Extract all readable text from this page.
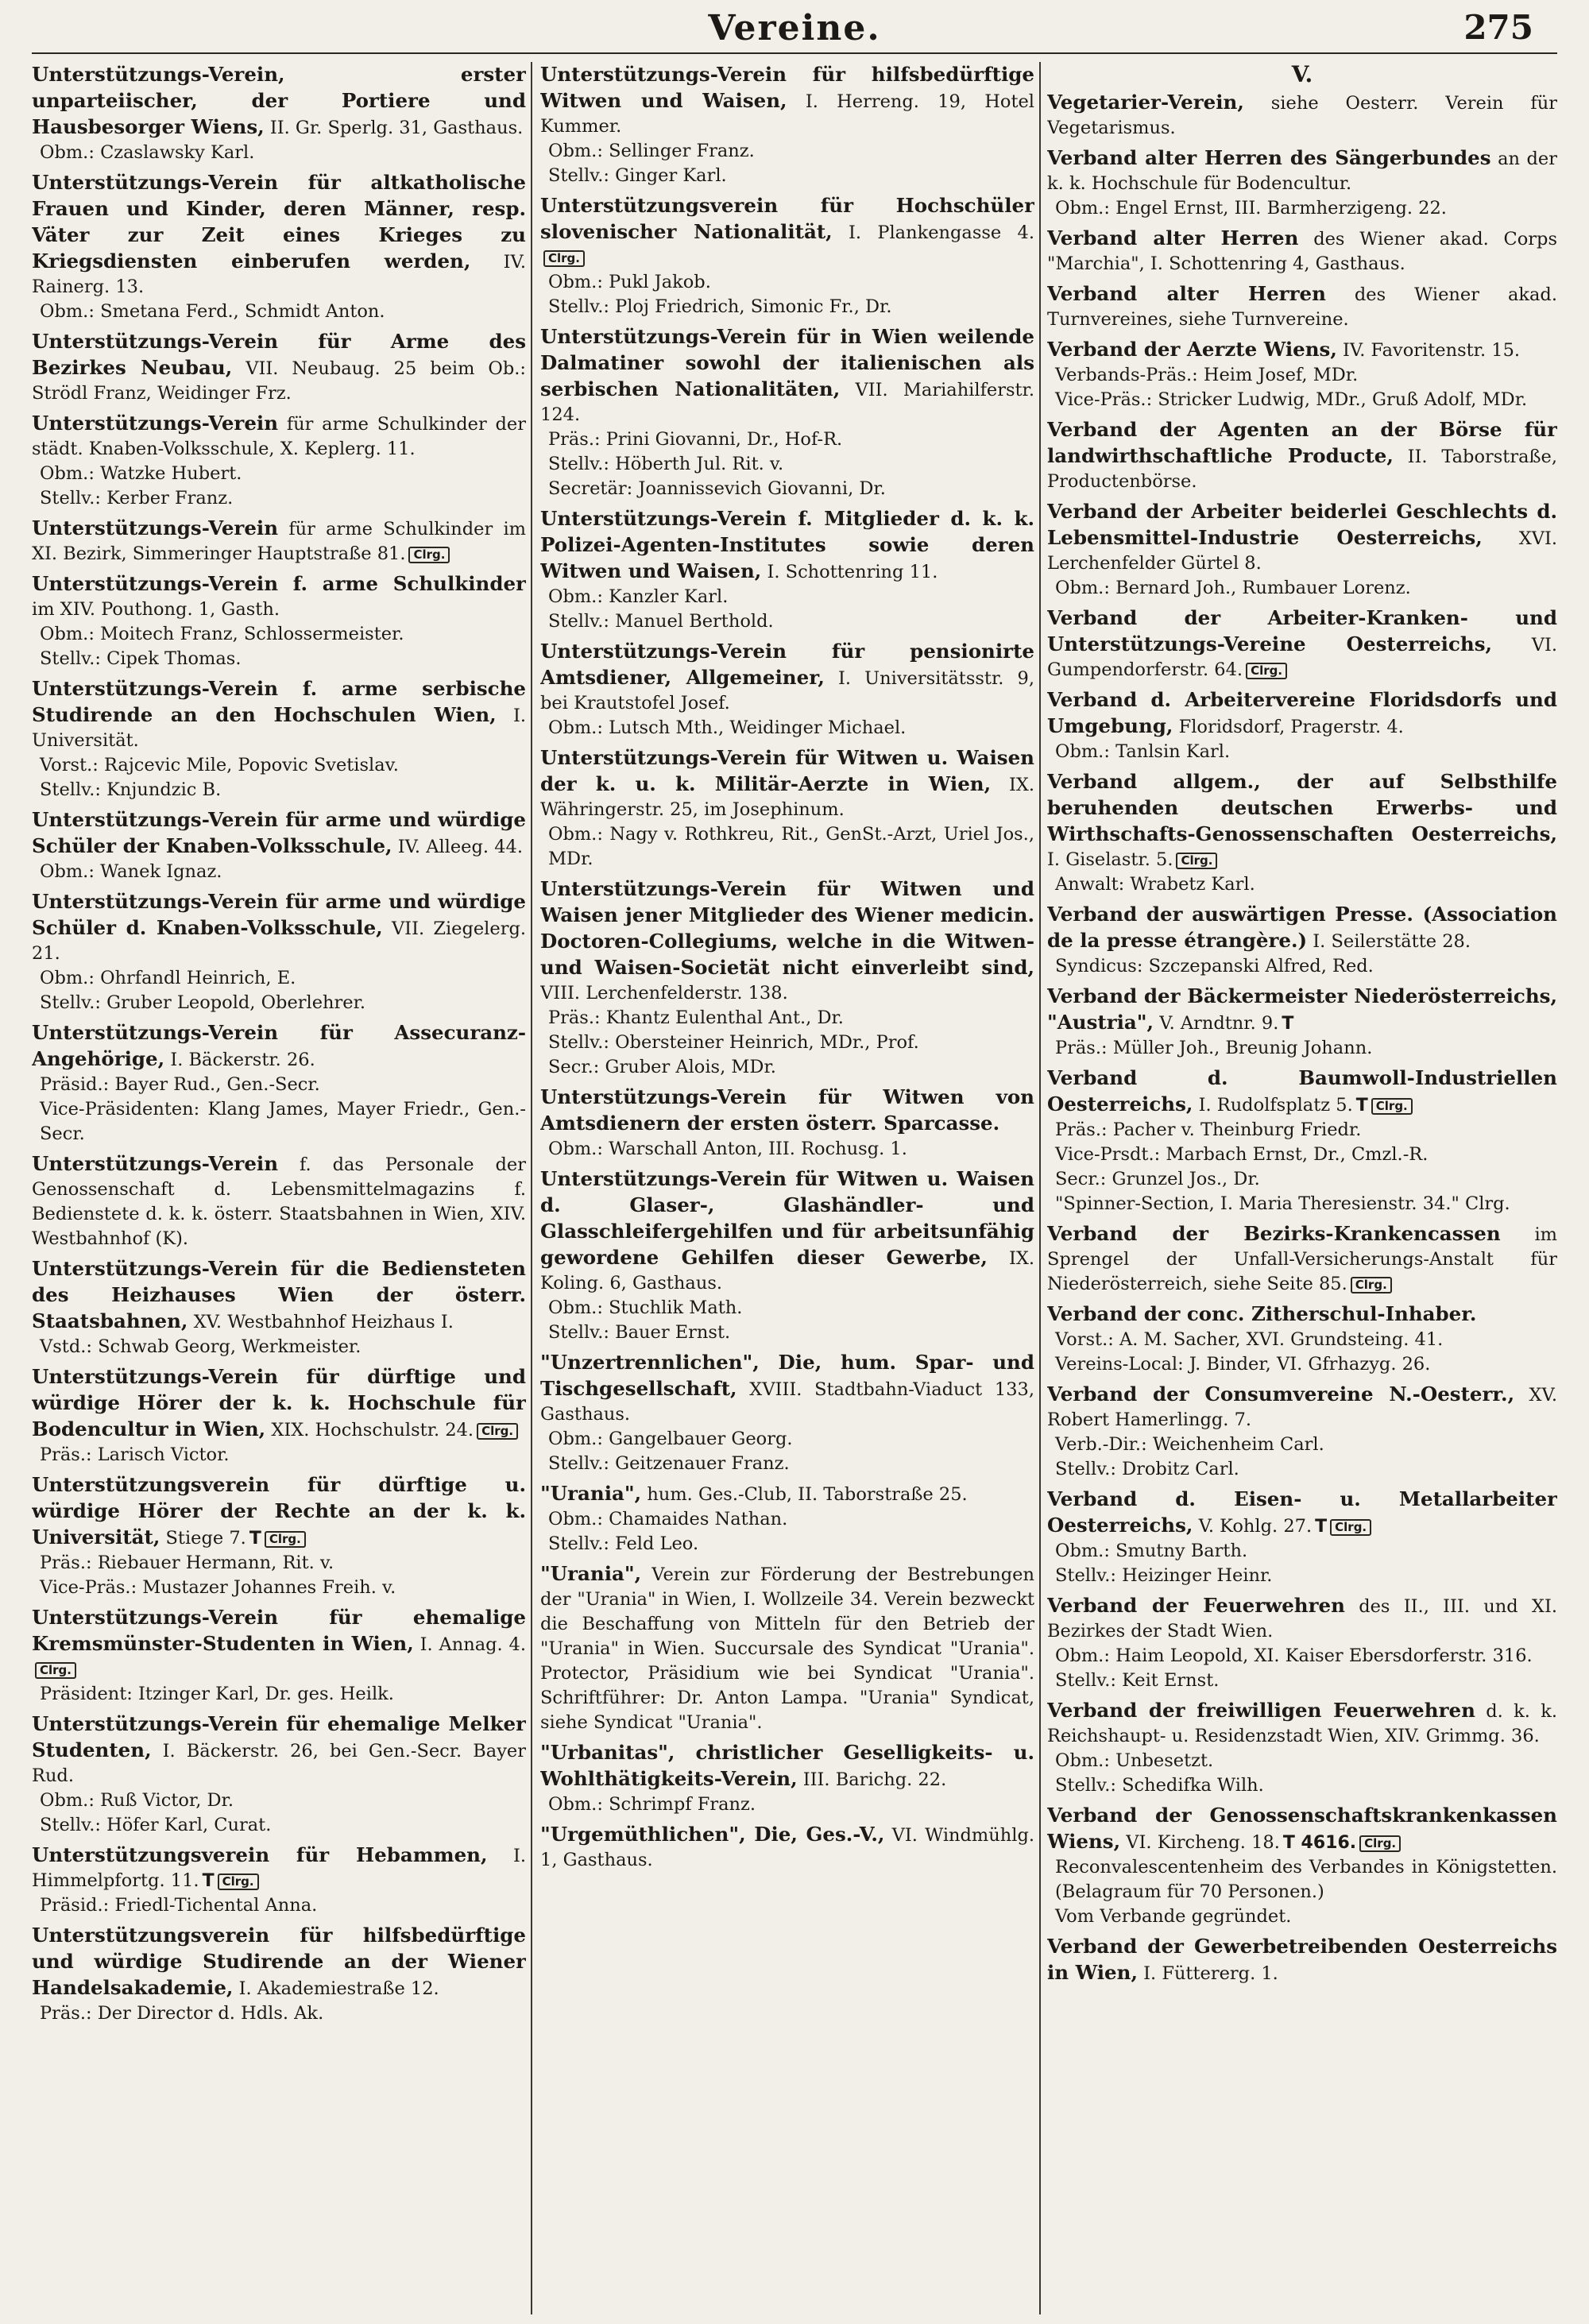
Vereine.	275
Unterstützungs-Verein, erster unparteiischer, der Portiere und Hausbesorger Wiens, II. Gr. Sperlg. 31, Gasthaus.
Obm.: Czaslawsky Karl.
Unterstützungs-Verein für altkatholische Frauen und Kinder, deren Männer, resp. Väter zur Zeit eines Krieges zu Kriegsdiensten einberufen werden, IV. Rainerg. 13.
Obm.: Smetana Ferd., Schmidt Anton.
Unterstützungs-Verein für Arme des Bezirkes Neubau, VII. Neubaug. 25 beim Ob.: Strödl Franz, Weidinger Frz.
Unterstützungs-Verein für arme Schulkinder der städt. Knaben-Volksschule, X. Keplerg. 11.
Obm.: Watzke Hubert.
Stellv.: Kerber Franz.
Unterstützungs-Verein für arme Schulkinder im XI. Bezirk, Simmeringer Hauptstraße 81. Clrg.
Unterstützungs-Verein f. arme Schulkinder im XIV. Pouthong. 1, Gasth.
Obm.: Moitech Franz, Schlossermeister.
Stellv.: Cipek Thomas.
Unterstützungs-Verein f. arme serbische Studirende an den Hochschulen Wien, I. Universität.
Vorst.: Rajcevic Mile, Popovic Svetislav.
Stellv.: Knjundzic B.
Unterstützungs-Verein für arme und würdige Schüler der Knaben-Volksschule, IV. Alleeg. 44.
Obm.: Wanek Ignaz.
Unterstützungs-Verein für arme und würdige Schüler d. Knaben-Volksschule, VII. Ziegelerg. 21.
Obm.: Ohrfandl Heinrich, E.
Stellv.: Gruber Leopold, Oberlehrer.
Unterstützungs-Verein für Assecuranz-Angehörige, I. Bäckerstr. 26.
Präsid.: Bayer Rud., Gen.-Secr.
Vice-Präsidenten: Klang James, Mayer Friedr., Gen.-Secr.
Unterstützungs-Verein f. das Personale der Genossenschaft d. Lebensmittelmagazins f. Bedienstete d. k. k. österr. Staatsbahnen in Wien, XIV. Westbahnhof (K).
Unterstützungs-Verein für die Bediensteten des Heizhauses Wien der österr. Staatsbahnen, XV. Westbahnhof Heizhaus I.
Vstd.: Schwab Georg, Werkmeister.
Unterstützungs-Verein für dürftige und würdige Hörer der k. k. Hochschule für Bodencultur in Wien, XIX. Hochschulstr. 24. Clrg.
Präs.: Larisch Victor.
Unterstützungsverein für dürftige u. würdige Hörer der Rechte an der k. k. Universität, Stiege 7. T Clrg.
Präs.: Riebauer Hermann, Rit. v.
Vice-Präs.: Mustazer Johannes Freih. v.
Unterstützungs-Verein für ehemalige Kremsmünster-Studenten in Wien, I. Annag. 4.Clrg.
Präsident: Itzinger Karl, Dr. ges. Heilk.
Unterstützungs-Verein für ehemalige Melker Studenten, I. Bäckerstr. 26, bei Gen.-Secr. Bayer Rud.
Obm.: Ruß Victor, Dr.
Stellv.: Höfer Karl, Curat.
Unterstützungsverein für Hebammen, I. Himmelpfortg. 11. T Clrg.
Präsid.: Friedl-Tichental Anna.
Unterstützungsverein für hilfsbedürftige und würdige Studirende an der Wiener Handelsakademie, I. Akademiestraße 12.
Präs.: Der Director d. Hdls. Ak.
Unterstützungs-Verein für hilfsbedürftige Witwen und Waisen, I. Herreng. 19, Hotel Kummer.
Obm.: Sellinger Franz.
Stellv.: Ginger Karl.
Unterstützungsverein für Hochschüler slovenischer Nationalität, I. Plankengasse 4.Clrg.
Obm.: Pukl Jakob.
Stellv.: Ploj Friedrich, Simonic Fr., Dr.
Unterstützungs-Verein für in Wien weilende Dalmatiner sowohl der italienischen als serbischen Nationalitäten, VII. Mariahilferstr. 124.
Präs.: Prini Giovanni, Dr., Hof-R.
Stellv.: Höberth Jul. Rit. v.
Secretär: Joannissevich Giovanni, Dr.
Unterstützungs-Verein f. Mitglieder d. k. k. Polizei-Agenten-Institutes sowie deren Witwen und Waisen, I. Schottenring 11.
Obm.: Kanzler Karl.
Stellv.: Manuel Berthold.
Unterstützungs-Verein für pensionirte Amtsdiener, Allgemeiner, I. Universitätsstr. 9, bei Krautstofel Josef.
Obm.: Lutsch Mth., Weidinger Michael.
Unterstützungs-Verein für Witwen u. Waisen der k. u. k. Militär-Aerzte in Wien, IX. Währingerstr. 25, im Josephinum.
Obm.: Nagy v. Rothkreu, Rit., GenSt.-Arzt, Uriel Jos., MDr.
Unterstützungs-Verein für Witwen und Waisen jener Mitglieder des Wiener medicin. Doctoren-Collegiums, welche in die Witwen- und Waisen-Societät nicht einverleibt sind, VIII. Lerchenfelderstr. 138.
Präs.: Khantz Eulenthal Ant., Dr.
Stellv.: Obersteiner Heinrich, MDr., Prof.
Secr.: Gruber Alois, MDr.
Unterstützungs-Verein für Witwen von Amtsdienern der ersten österr. Sparcasse.
Obm.: Warschall Anton, III. Rochusg. 1.
Unterstützungs-Verein für Witwen u. Waisen d. Glaser-, Glashändler- und Glasschleifergehilfen und für arbeitsunfähig gewordene Gehilfen dieser Gewerbe, IX. Koling. 6, Gasthaus.
Obm.: Stuchlik Math.
Stellv.: Bauer Ernst.
"Unzertrennlichen", Die, hum. Spar- und Tischgesellschaft, XVIII. Stadtbahn-Viaduct 133, Gasthaus.
Obm.: Gangelbauer Georg.
Stellv.: Geitzenauer Franz.
"Urania", hum. Ges.-Club, II. Taborstraße 25.
Obm.: Chamaides Nathan.
Stellv.: Feld Leo.
"Urania", Verein zur Förderung der Bestrebungen der "Urania" in Wien, I. Wollzeile 34. Verein bezweckt die Beschaffung von Mitteln für den Betrieb der "Urania" in Wien. Succursale des Syndicat "Urania". Protector, Präsidium wie bei Syndicat "Urania". Schriftführer: Dr. Anton Lampa. "Urania" Syndicat, siehe Syndicat "Urania".
"Urbanitas", christlicher Geselligkeits- u. Wohlthätigkeits-Verein, III. Barichg. 22.
Obm.: Schrimpf Franz.
"Urgemüthlichen", Die, Ges.-V., VI. Windmühlg. 1, Gasthaus.
V.
Vegetarier-Verein, siehe Oesterr. Verein für Vegetarismus.
Verband alter Herren des Sängerbundes an der k. k. Hochschule für Bodencultur.
Obm.: Engel Ernst, III. Barmherzigeng. 22.
Verband alter Herren des Wiener akad. Corps "Marchia", I. Schottenring 4, Gasthaus.
Verband alter Herren des Wiener akad. Turnvereines, siehe Turnvereine.
Verband der Aerzte Wiens, IV. Favoritenstr. 15.
Verbands-Präs.: Heim Josef, MDr.
Vice-Präs.: Stricker Ludwig, MDr., Gruß Adolf, MDr.
Verband der Agenten an der Börse für landwirthschaftliche Producte, II. Taborstraße, Productenbörse.
Verband der Arbeiter beiderlei Geschlechts d. Lebensmittel-Industrie Oesterreichs, XVI. Lerchenfelder Gürtel 8.
Obm.: Bernard Joh., Rumbauer Lorenz.
Verband der Arbeiter-Kranken- und Unterstützungs-Vereine Oesterreichs, VI. Gumpendorferstr. 64. Clrg.
Verband d. Arbeitervereine Floridsdorfs und Umgebung, Floridsdorf, Pragerstr. 4.
Obm.: Tanlsin Karl.
Verband allgem., der auf Selbsthilfe beruhenden deutschen Erwerbs- und Wirthschafts-Genossenschaften Oesterreichs, I. Giselastr. 5. Clrg.
Anwalt: Wrabetz Karl.
Verband der auswärtigen Presse. (Association de la presse étrangère.) I. Seilerstätte 28.
Syndicus: Szczepanski Alfred, Red.
Verband der Bäckermeister Niederösterreichs, "Austria", V. Arndtnr. 9. T
Präs.: Müller Joh., Breunig Johann.
Verband d. Baumwoll-Industriellen Oesterreichs, I. Rudolfsplatz 5. T Clrg.
Präs.: Pacher v. Theinburg Friedr.
Vice-Prsdt.: Marbach Ernst, Dr., Cmzl.-R.
Secr.: Grunzel Jos., Dr.
"Spinner-Section, I. Maria Theresienstr. 34." Clrg.
Verband der Bezirks-Krankencassen im Sprengel der Unfall-Versicherungs-Anstalt für Niederösterreich, siehe Seite 85. Clrg.
Verband der conc. Zitherschul-Inhaber.
Vorst.: A. M. Sacher, XVI. Grundsteing. 41.
Vereins-Local: J. Binder, VI. Gfrhazyg. 26.
Verband der Consumvereine N.-Oesterr., XV. Robert Hamerlingg. 7.
Verb.-Dir.: Weichenheim Carl.
Stellv.: Drobitz Carl.
Verband d. Eisen- u. Metallarbeiter Oesterreichs, V. Kohlg. 27. T Clrg.
Obm.: Smutny Barth.
Stellv.: Heizinger Heinr.
Verband der Feuerwehren des II., III. und XI. Bezirkes der Stadt Wien.
Obm.: Haim Leopold, XI. Kaiser Ebersdorferstr. 316.
Stellv.: Keit Ernst.
Verband der freiwilligen Feuerwehren d. k. k. Reichshaupt- u. Residenzstadt Wien, XIV. Grimmg. 36.
Obm.: Unbesetzt.
Stellv.: Schedifka Wilh.
Verband der Genossenschaftskrankenkassen Wiens, VI. Kircheng. 18. T 4616. Clrg.
Reconvalescentenheim des Verbandes in Königstetten. (Belagraum für 70 Personen.)
Vom Verbande gegründet.
Verband der Gewerbetreibenden Oesterreichs in Wien, I. Füttererg. 1.
